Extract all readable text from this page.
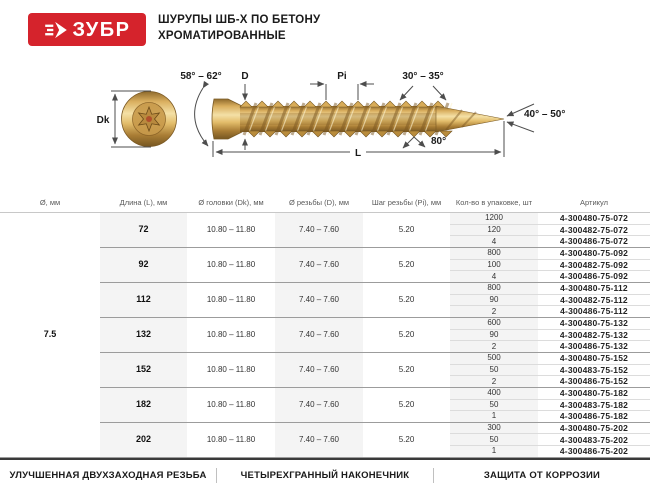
ЗУБР ШУРУПЫ ШБ-Х ПО БЕТОНУ
ХРОМАТИРОВАННЫЕ
Dk
58° – 62° D	Pi	30° – 35°
80°
40° – 50°
L
Ø, мм	Длина (L), мм	Ø головки (Dk), мм	Ø резьбы (D), мм	Шаг резьбы (Pi), мм	Кол-во в упаковке, шт	Артикул
7.5	72	10.80 – 11.80	7.40 – 7.60	5.20	1200	4-300480-75-072
					120	4-300482-75-072
					4	4-300486-75-072
	92	10.80 – 11.80	7.40 – 7.60	5.20	800	4-300480-75-092
					100	4-300482-75-092
					4	4-300486-75-092
	112	10.80 – 11.80	7.40 – 7.60	5.20	800	4-300480-75-112
					90	4-300482-75-112
					2	4-300486-75-112
	132	10.80 – 11.80	7.40 – 7.60	5.20	600	4-300480-75-132
					90	4-300482-75-132
					2	4-300486-75-132
	152	10.80 – 11.80	7.40 – 7.60	5.20	500	4-300480-75-152
					50	4-300483-75-152
					2	4-300486-75-152
	182	10.80 – 11.80	7.40 – 7.60	5.20	400	4-300480-75-182
					50	4-300483-75-182
					1	4-300486-75-182
	202	10.80 – 11.80	7.40 – 7.60	5.20	300	4-300480-75-202
					50	4-300483-75-202
					1	4-300486-75-202
УЛУЧШЕННАЯ ДВУХЗАХОДНАЯ РЕЗЬБА	ЧЕТЫРЕХГРАННЫЙ НАКОНЕЧНИК	ЗАЩИТА ОТ КОРРОЗИИ
